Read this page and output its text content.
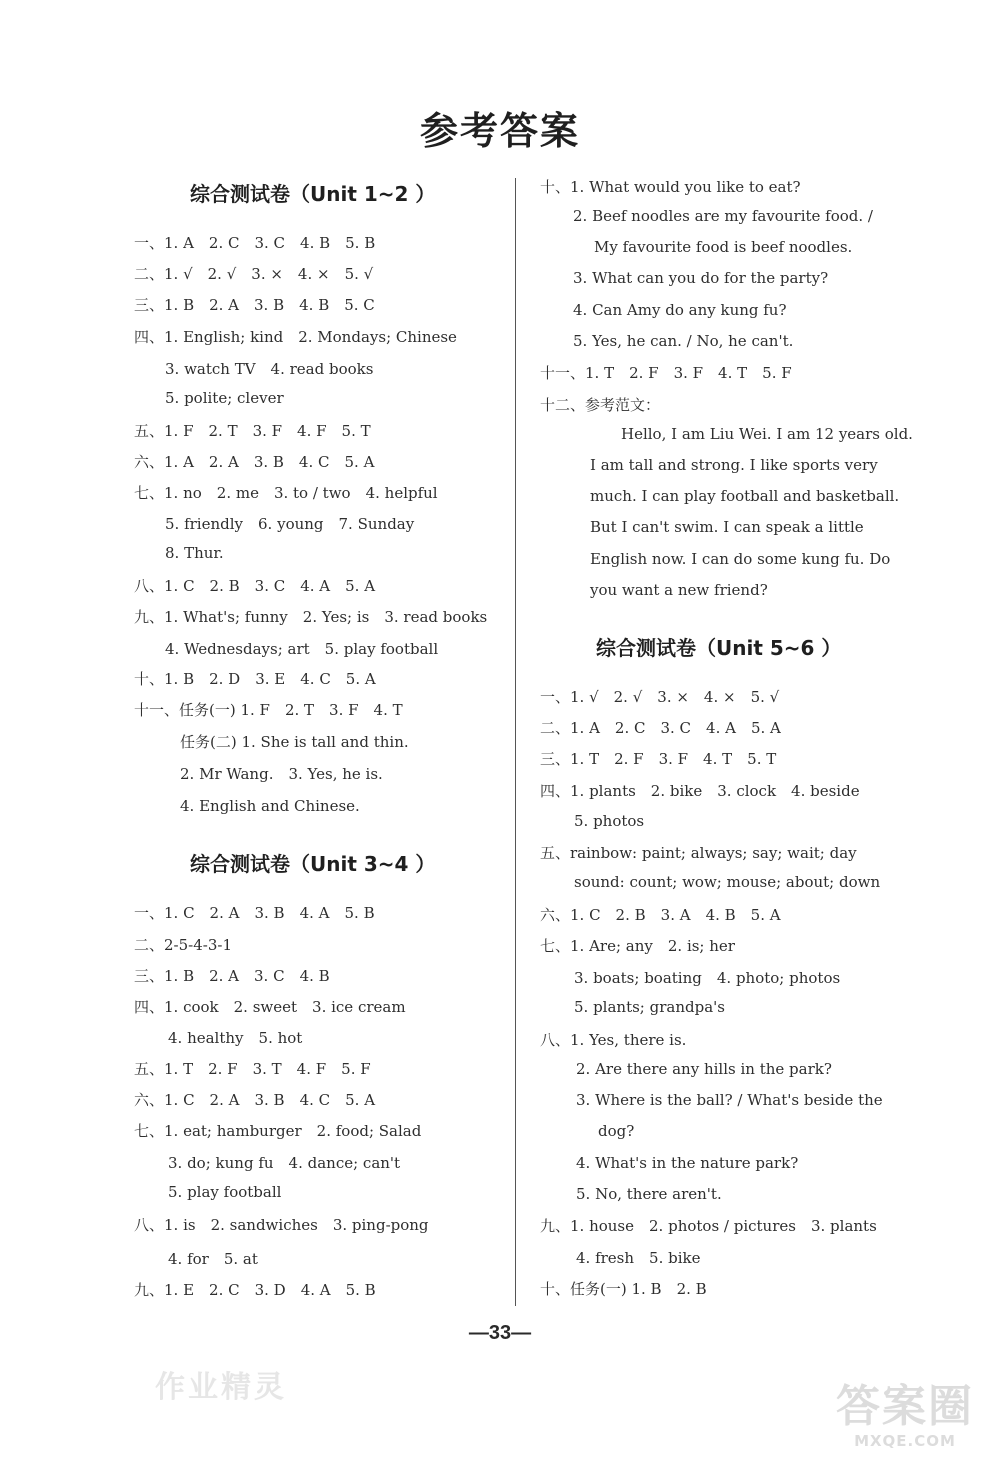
参考答案
综合测试卷（Unit 1~2 ）
一、1. A　2. C　3. C　4. B　5. B
二、1. √　2. √　3. ×　4. ×　5. √
三、1. B　2. A　3. B　4. B　5. C
四、1. English; kind　2. Mondays; Chinese
3. watch TV　4. read books
5. polite; clever
五、1. F　2. T　3. F　4. F　5. T
六、1. A　2. A　3. B　4. C　5. A
七、1. no　2. me　3. to / two　4. helpful
5. friendly　6. young　7. Sunday
8. Thur.
八、1. C　2. B　3. C　4. A　5. A
九、1. What's; funny　2. Yes; is　3. read books
4. Wednesdays; art　5. play football
十、1. B　2. D　3. E　4. C　5. A
十一、任务(一) 1. F　2. T　3. F　4. T
任务(二) 1. She is tall and thin.
2. Mr Wang.　3. Yes, he is.
4. English and Chinese.
综合测试卷（Unit 3~4 ）
一、1. C　2. A　3. B　4. A　5. B
二、2-5-4-3-1
三、1. B　2. A　3. C　4. B
四、1. cook　2. sweet　3. ice cream
4. healthy　5. hot
五、1. T　2. F　3. T　4. F　5. F
六、1. C　2. A　3. B　4. C　5. A
七、1. eat; hamburger　2. food; Salad
3. do; kung fu　4. dance; can't
5. play football
八、1. is　2. sandwiches　3. ping-pong
4. for　5. at
九、1. E　2. C　3. D　4. A　5. B
十、1. What would you like to eat?
2. Beef noodles are my favourite food. /
My favourite food is beef noodles.
3. What can you do for the party?
4. Can Amy do any kung fu?
5. Yes, he can. / No, he can't.
十一、1. T　2. F　3. F　4. T　5. F
十二、参考范文：
Hello, I am Liu Wei. I am 12 years old.
I am tall and strong. I like sports very
much. I can play football and basketball.
But I can't swim. I can speak a little
English now. I can do some kung fu. Do
you want a new friend?
综合测试卷（Unit 5~6 ）
一、1. √　2. √　3. ×　4. ×　5. √
二、1. A　2. C　3. C　4. A　5. A
三、1. T　2. F　3. F　4. T　5. T
四、1. plants　2. bike　3. clock　4. beside
5. photos
五、rainbow: paint; always; say; wait; day
sound: count; wow; mouse; about; down
六、1. C　2. B　3. A　4. B　5. A
七、1. Are; any　2. is; her
3. boats; boating　4. photo; photos
5. plants; grandpa's
八、1. Yes, there is.
2. Are there any hills in the park?
3. Where is the ball? / What's beside the
dog?
4. What's in the nature park?
5. No, there aren't.
九、1. house　2. photos / pictures　3. plants
4. fresh　5. bike
十、任务(一) 1. B　2. B
—33—
作业精灵	答案圈
MXQE.COM
